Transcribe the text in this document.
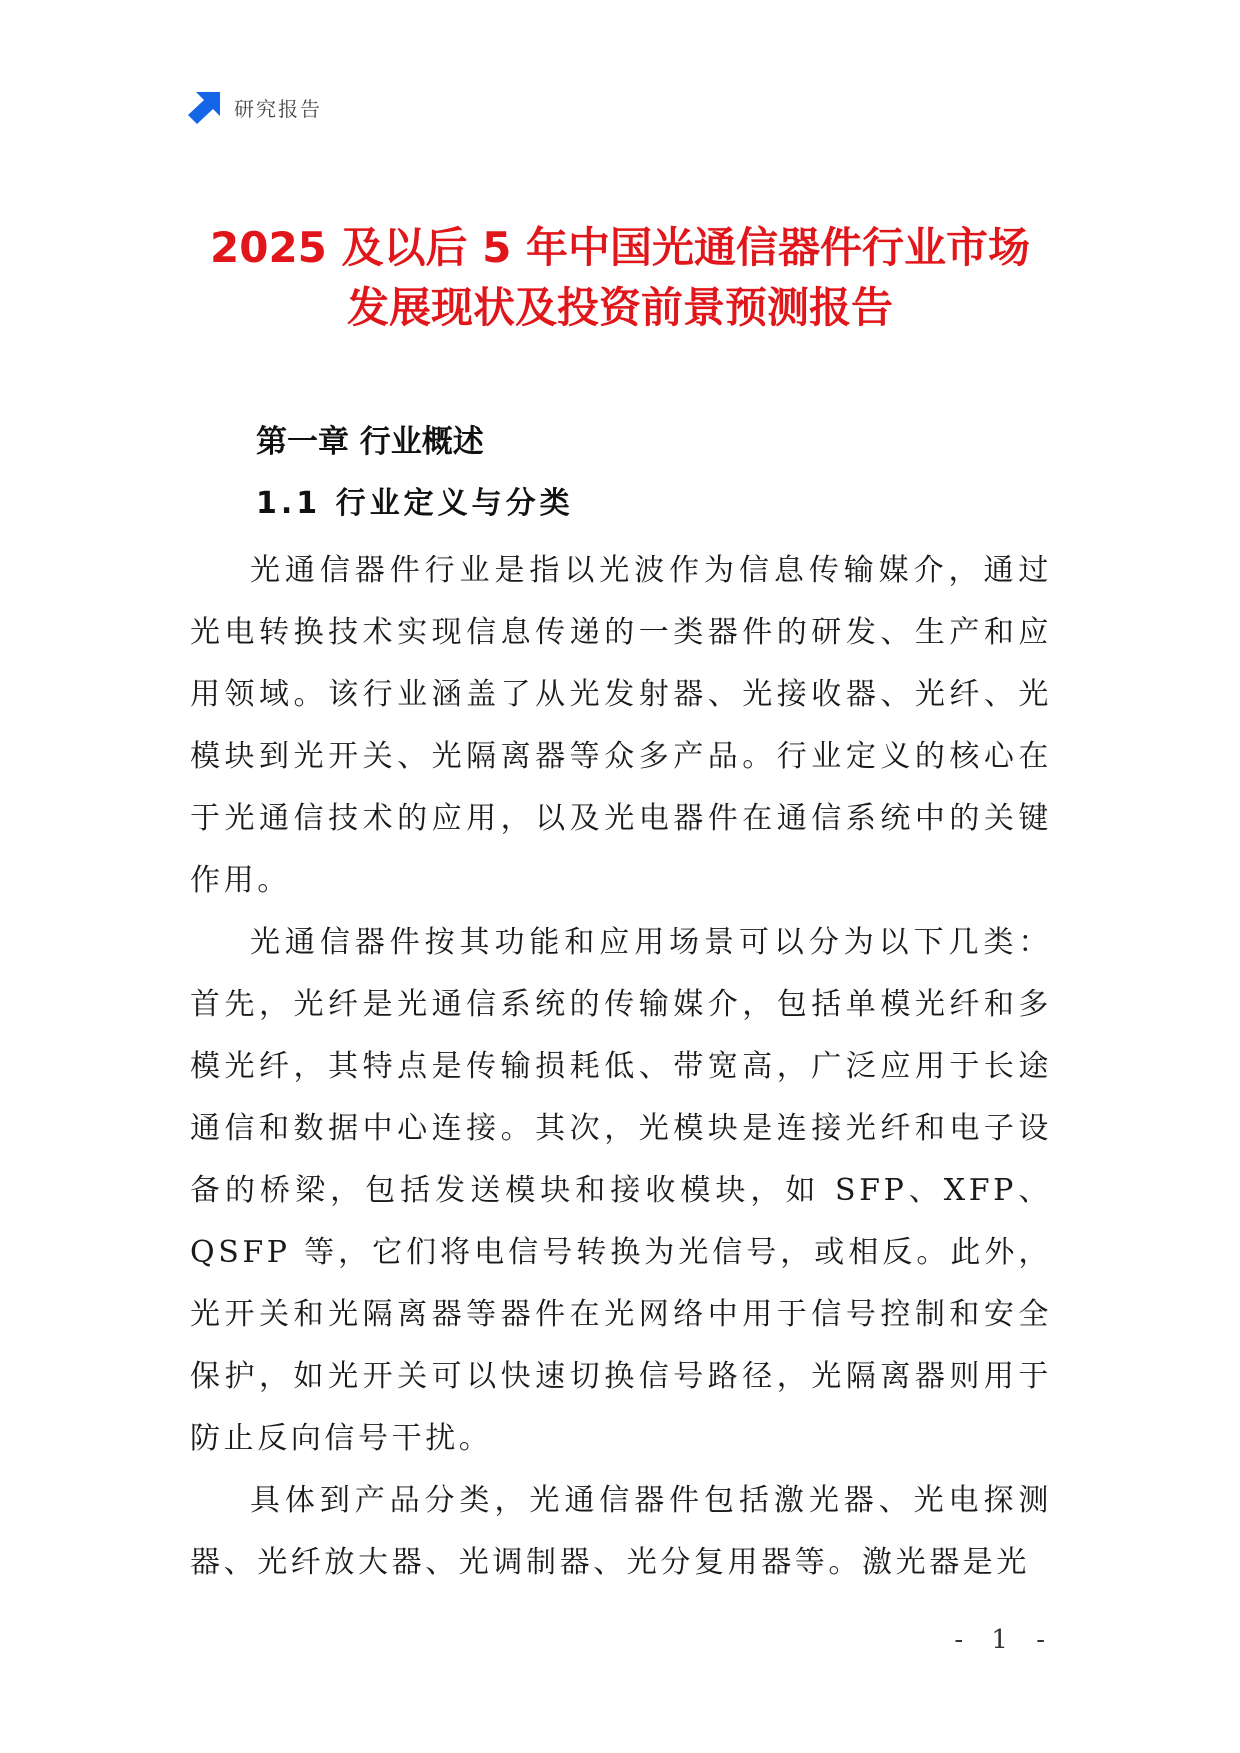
研究报告
2025 及以后 5 年中国光通信器件行业市场
发展现状及投资前景预测报告
第一章 行业概述
1.1 行业定义与分类

光通信器件行业是指以光波作为信息传输媒介，通过光电转换技术实现信息传递的一类器件的研发、生产和应用领域。该行业涵盖了从光发射器、光接收器、光纤、光模块到光开关、光隔离器等众多产品。行业定义的核心在于光通信技术的应用，以及光电器件在通信系统中的关键作用。

光通信器件按其功能和应用场景可以分为以下几类：首先，光纤是光通信系统的传输媒介，包括单模光纤和多模光纤，其特点是传输损耗低、带宽高，广泛应用于长途通信和数据中心连接。其次，光模块是连接光纤和电子设备的桥梁，包括发送模块和接收模块，如 SFP、XFP、QSFP 等，它们将电信号转换为光信号，或相反。此外，光开关和光隔离器等器件在光网络中用于信号控制和安全保护，如光开关可以快速切换信号路径，光隔离器则用于防止反向信号干扰。

具体到产品分类，光通信器件包括激光器、光电探测器、光纤放大器、光调制器、光分复用器等。激光器是光

- 1 -
